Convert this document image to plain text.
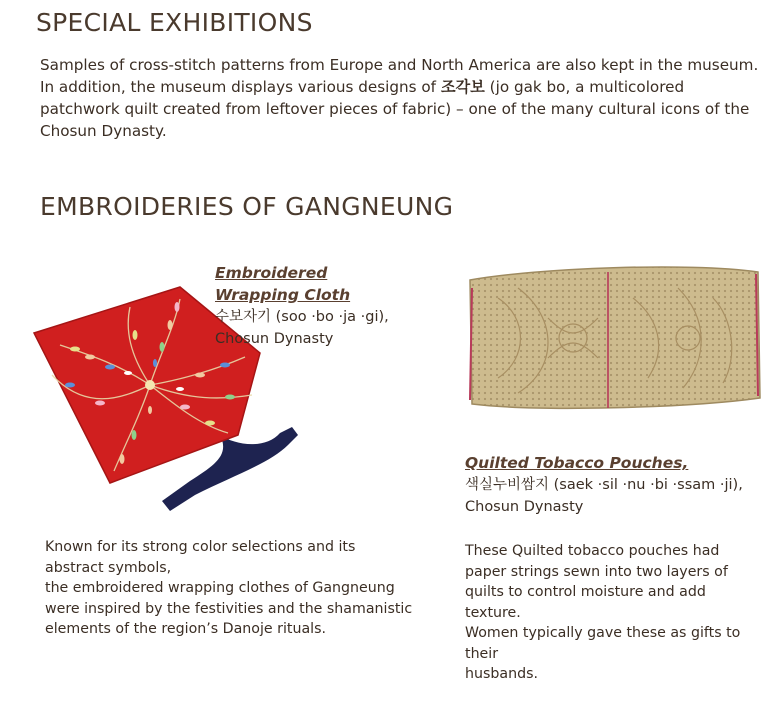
SPECIAL EXHIBITIONS
Samples of cross-stitch patterns from Europe and North America are also kept in the museum. In addition, the museum displays various designs of 조각보 (jo gak bo, a multicolored patchwork quilt created from leftover pieces of fabric) – one of the many cultural icons of the Chosun Dynasty.
EMBROIDERIES OF GANGNEUNG
Embroidered Wrapping Cloth
수보자기 (soo ·bo ·ja ·gi),
Chosun Dynasty
Quilted Tobacco Pouches,
색실누비쌈지 (saek ·sil ·nu ·bi ·ssam ·ji),
Chosun Dynasty
Known for its strong color selections and its
abstract symbols,
the embroidered wrapping clothes of Gangneung
were inspired by the festivities and the shamanistic
elements of the region’s Danoje rituals.
These Quilted tobacco pouches had
paper strings sewn into two layers of
quilts to control moisture and add texture.
Women typically gave these as gifts to their
husbands.
